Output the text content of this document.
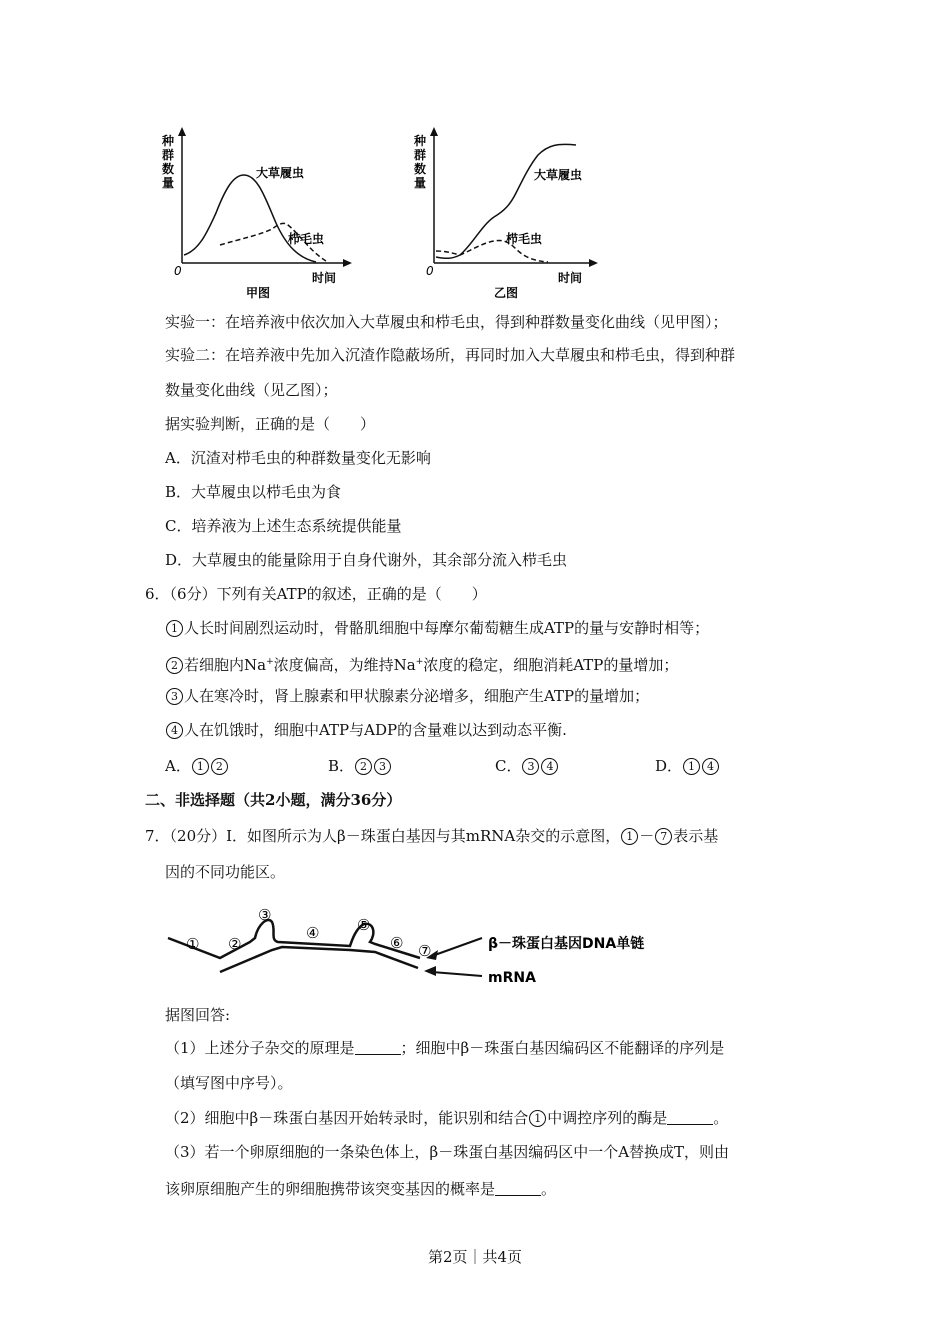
种
群
数
量
0	时间
甲图
大草履虫
栉毛虫
种
群
数
量
0	时间
乙图
大草履虫
栉毛虫
实验一：在培养液中依次加入大草履虫和栉毛虫，得到种群数量变化曲线（见甲图）；
实验二：在培养液中先加入沉渣作隐蔽场所，再同时加入大草履虫和栉毛虫，得到种群
数量变化曲线（见乙图）；
据实验判断，正确的是（　　）
A．沉渣对栉毛虫的种群数量变化无影响
B．大草履虫以栉毛虫为食
C．培养液为上述生态系统提供能量
D．大草履虫的能量除用于自身代谢外，其余部分流入栉毛虫
6．（6分）下列有关ATP的叙述，正确的是（　　）
1 人长时间剧烈运动时，骨骼肌细胞中每摩尔葡萄糖生成ATP的量与安静时相等；
2 若细胞内Na+浓度偏高，为维持Na+浓度的稳定，细胞消耗ATP的量增加；
3 人在寒冷时，肾上腺素和甲状腺素分泌增多，细胞产生ATP的量增加；
4 人在饥饿时，细胞中ATP与ADP的含量难以达到动态平衡.
A． 1 2	B． 2 3	C． 3 4	D． 1 4
二、非选择题（共2小题，满分36分）
7．（20分）Ⅰ．如图所示为人β－珠蛋白基因与其mRNA杂交的示意图， 1 － 7 表示基
因的不同功能区。
① ②
③
④	⑤
⑥ ⑦	β－珠蛋白基因DNA单链
mRNA
据图回答:
（1）上述分子杂交的原理是	；细胞中β－珠蛋白基因编码区不能翻译的序列是
（填写图中序号）。
（2）细胞中β－珠蛋白基因开始转录时，能识别和结合 1 中调控序列的酶是	。
（3）若一个卵原细胞的一条染色体上，β－珠蛋白基因编码区中一个A替换成T，则由
该卵原细胞产生的卵细胞携带该突变基因的概率是	。
第2页｜共4页
